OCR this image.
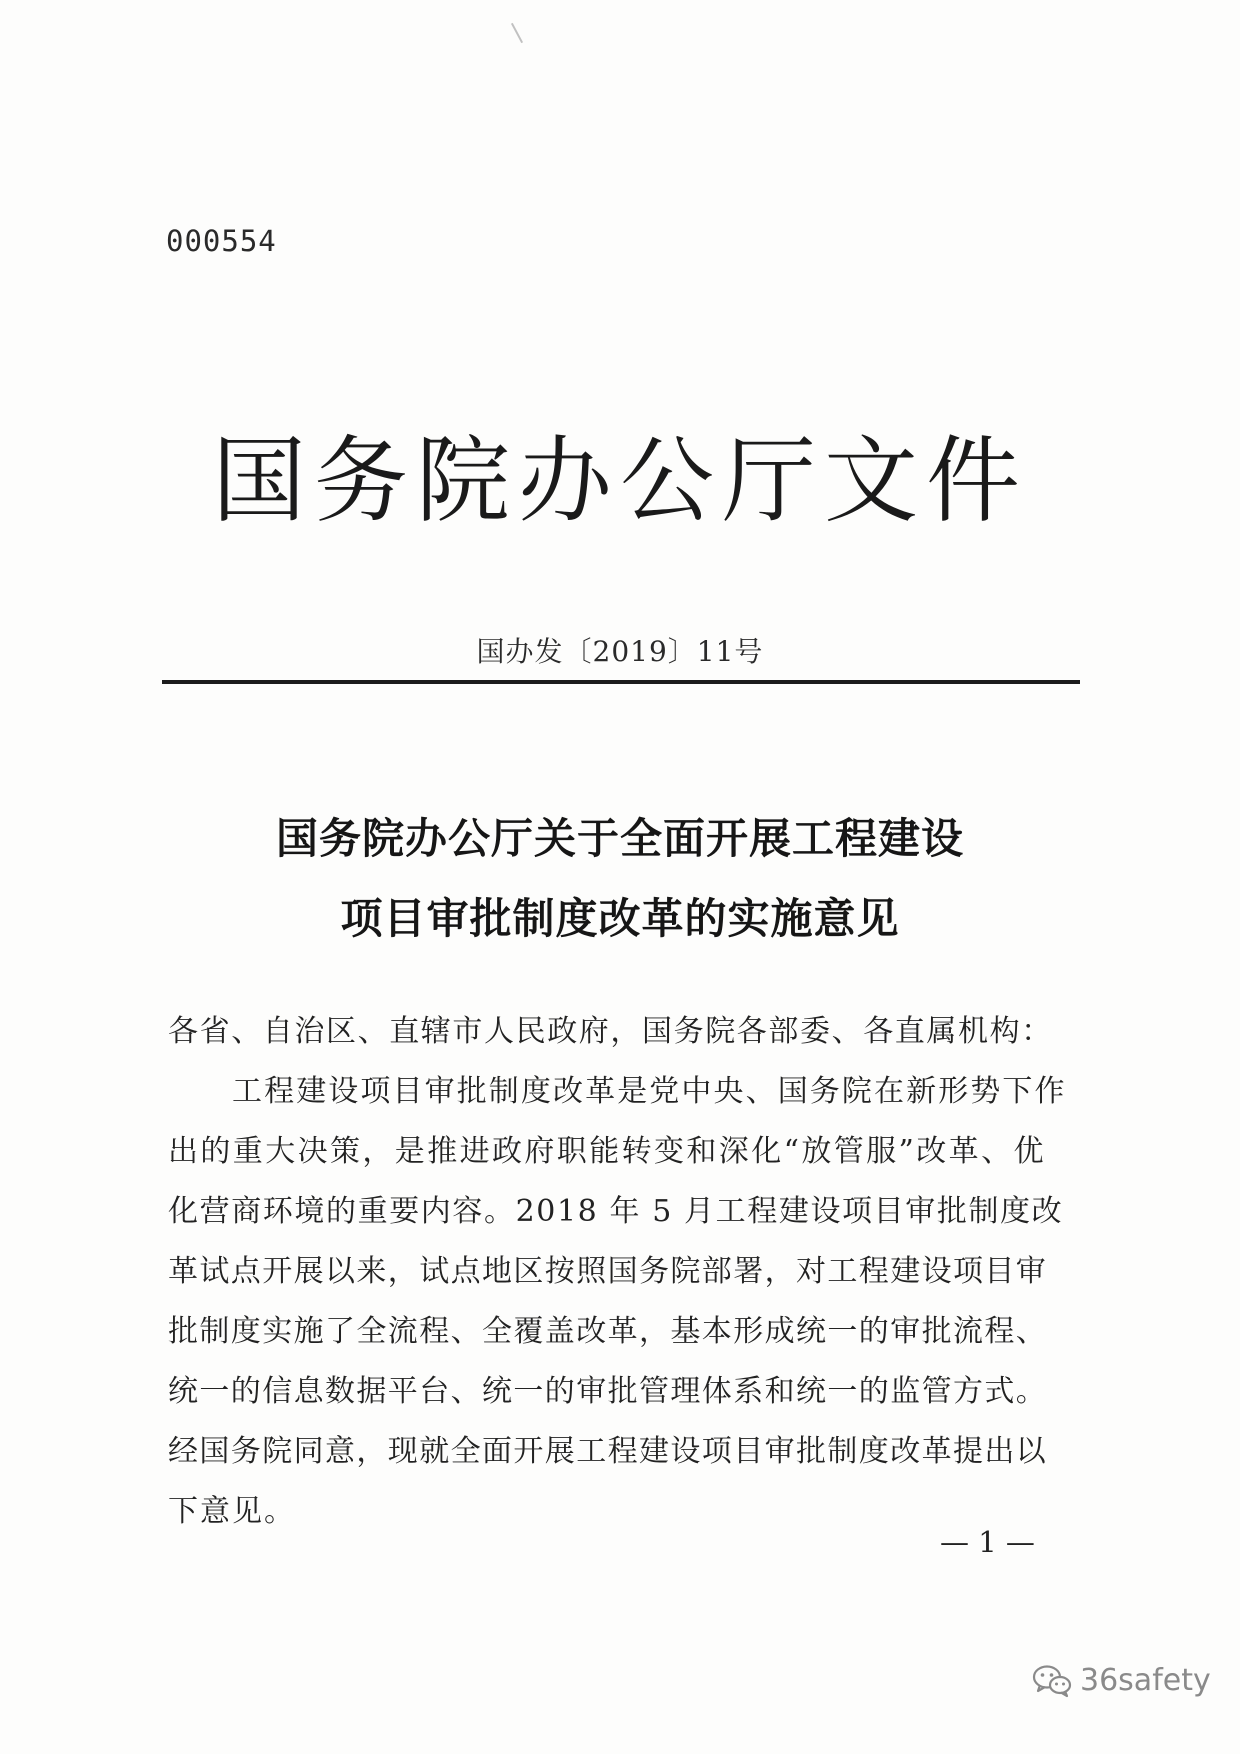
000554
国务院办公厅文件
国办发〔2019〕11号
国务院办公厅关于全面开展工程建设
项目审批制度改革的实施意见
各省、自治区、直辖市人民政府，国务院各部委、各直属机构：
工程建设项目审批制度改革是党中央、国务院在新形势下作
出的重大决策，是推进政府职能转变和深化“放管服”改革、优
化营商环境的重要内容。2018 年 5 月工程建设项目审批制度改
革试点开展以来，试点地区按照国务院部署，对工程建设项目审
批制度实施了全流程、全覆盖改革，基本形成统一的审批流程、
统一的信息数据平台、统一的审批管理体系和统一的监管方式。
经国务院同意，现就全面开展工程建设项目审批制度改革提出以
下意见。
— 1 —
36safety
